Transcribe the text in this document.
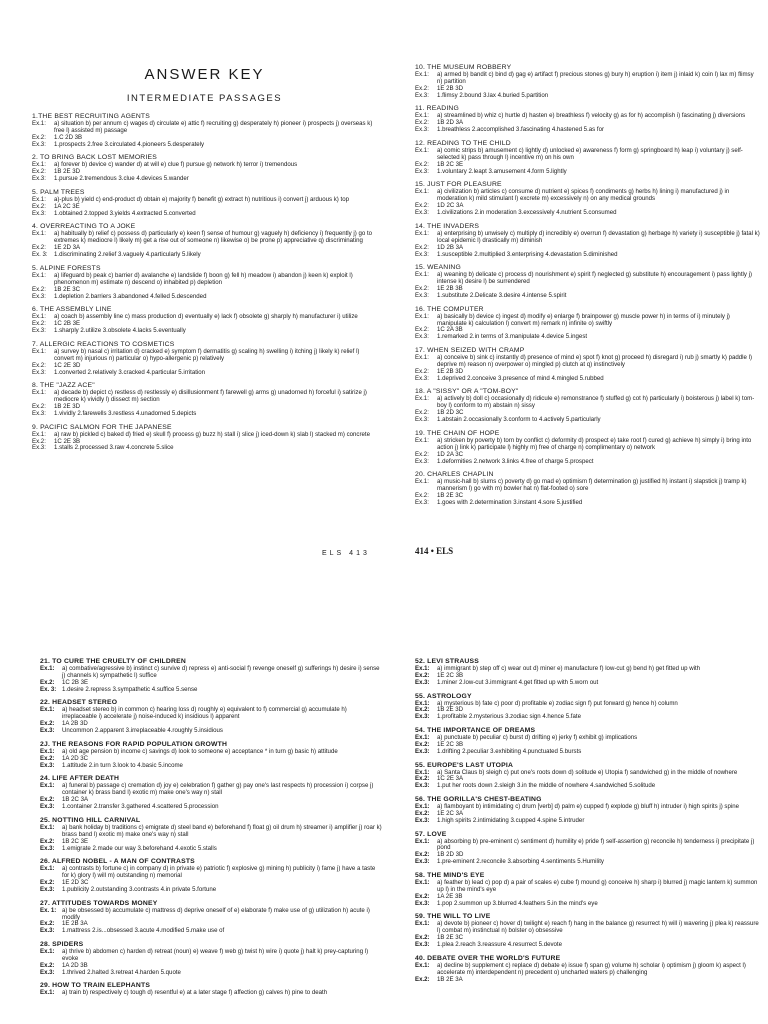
ANSWER KEY
INTERMEDIATE PASSAGES
1.THE BEST RECRUITING AGENTS
Ex.1:	a) situation b) per annum c) wages d) circulate e) attic f) recruiting g) desperately h) pioneer i) prospects j) overseas k) free l) assisted m) passage
Ex.2:	1.C 2D 3B
Ex.3:	1.prospects 2.free 3.circulated 4.pioneers 5.desperately
2. TO BRING BACK LOST MEMORIES
Ex.1:	a) forever b) device c) wander d) at will e) clue f) pursue g) network h) terror i) tremendous
Ex.2:	1B 2E 3D
Ex.3:	1.pursue 2.tremendous 3.clue 4.devices 5.wander
5. PALM TREES
Ex.1:	a)-plus b) yield c) end-product d) obtain e) majority f) benefit g) extract h) nutritious i) convert j) arduous k) top
Ex.2:	1A 2C 3E
Ex.3:	1.obtained 2.topped 3.yields 4.extracted 5.converted
4. OVERREACTING TO A JOKE
Ex.1:	a) habitually b) relief c) possess d) particularly e) keen f) sense of humour g) vaguely h) deficiency i) frequently j) go to extremes k) mediocre l) likely m) get a rise out of someone n) likewise o) be prone p) appreciative q) discriminating
Ex.2:	1E 2D 3A
Ex. 3:	1.discriminating 2.relief 3.vaguely 4.particularly 5.likely
5. ALPINE FORESTS
Ex.1:	a) lifeguard b) peak c) barrier d) avalanche e) landslide f) boon g) fell h) meadow i) abandon j) keen k) exploit l) phenomenon m) estimate n) descend o) inhabited p) depletion
Ex.2:	1B 2E 3C
Ex.3:	1.depletion 2.barriers 3.abandoned 4.felled 5.descended
6. THE ASSEMBLY LINE
Ex.1:	a) coach b) assembly line c) mass production d) eventually e) lack f) obsolete g) sharply h) manufacturer i) utilize
Ex.2:	1C 2B 3E
Ex.3:	1.sharply 2.utilize 3.obsolete 4.lacks 5.eventually
7. ALLERGIC REACTIONS TO COSMETICS
Ex.1:	a) survey b) nasal c) irritation d) cracked e) symptom f) dermatitis g) scaling h) swelling i) itching j) likely k) relief l) convert m) injurious n) particular o) hypo-allergenic p) relatively
Ex.2:	1C 2E 3D
Ex.3:	1.converted 2.relatively 3.cracked 4.particular 5.irritation
8. THE "JAZZ ACE"
Ex.1:	a) decade b) depict c) restless d) restlessly e) disillusionment f) farewell g) arms g) unadorned h) forceful i) satirize j) mediocre k) vividly l) dissect m) section
Ex.2:	1B 2E 3D
Ex.3:	1.vividly 2.farewells 3.restless 4.unadorned 5.depicts
9. PACIFIC SALMON FOR THE JAPANESE
Ex.1:	a) raw b) pickled c) baked d) fried e) skull f) process g) buzz h) stall i) slice j) iced-down k) slab l) stacked m) concrete
Ex.2:	1C 2E 3B
Ex.3:	1.stalls 2.processed 3.raw 4.concrete 5.slice
10. THE MUSEUM ROBBERY
Ex.1:	a) armed b) bandit c) bind d) gag e) artifact f) precious stones g) bury h) eruption i) item j) inlaid k) coin l) lax m) flimsy n) partition
Ex.2:	1E 2B 3D
Ex.3:	1.flimsy 2.bound 3.lax 4.buried 5.partition
11. READING
Ex.1:	a) streamlined b) whiz c) hurtle d) hasten e) breathless f) velocity g) as for h) accomplish i) fascinating j) diversions
Ex.2:	1B 2D 3A
Ex.3:	1.breathless 2.accomplished 3.fascinating 4.hastened 5.as for
12. READING TO THE CHILD
Ex.1:	a) comic strips b) amusement c) lightly d) unlocked e) awareness f) form g) springboard h) leap i) voluntary j) self-selected k) pass through l) incentive m) on his own
Ex.2:	1B 2C 3E
Ex.3:	1.voluntary 2.leapt 3.amusement 4.form 5.lightly
15. JUST FOR PLEASURE
Ex.1:	a) civilization b) articles c) consume d) nutrient e) spices f) condiments g) herbs h) lining i) manufactured j) in moderation k) mild stimulant l) excrete m) excessively n) on any medical grounds
Ex.2:	1D 2C 3A
Ex.3:	1.civilizations 2.in moderation 3.excessively 4.nutrient 5.consumed
14. THE INVADERS
Ex.1:	a) enterprising b) unwisely c) multiply d) incredibly e) overrun f) devastation g) herbage h) variety i) susceptible j) fatal k) local epidemic l) drastically m) diminish
Ex.2:	1D 2B 3A
Ex.3:	1.susceptible 2.multiplied 3.enterprising 4.devastation 5.diminished
15. WEANING
Ex.1:	a) weaning b) delicate c) process d) nourishment e) spirit f) neglected g) substitute h) encouragement i) pass lightly j) intense k) desire l) be surrendered
Ex.2:	1E 2B 3B
Ex.3:	1.substitute 2.Delicate 3.desire 4.intense 5.spirit
16. THE COMPUTER
Ex.1:	a) basically b) device c) ingest d) modify e) enlarge f) brainpower g) muscle power h) in terms of i) minutely j) manipulate k) calculation l) convert m) remark n) infinite o) swiftly
Ex.2:	1C 2A 3B
Ex.3:	1.remarked 2.in terms of 3.manipulate 4.device 5.ingest
17. WHEN SEIZED WITH CRAMP
Ex.1:	a) conceive b) sink c) instantly d) presence of mind e) spot f) knot g) proceed h) disregard i) rub j) smartly k) paddle l) deprive m) reason n) overpower o) mingled p) clutch at q) instinctively
Ex.2:	1E 2B 3D
Ex.3:	1.deprived 2.conceive 3.presence of mind 4.mingled 5.rubbed
18. A "SISSY" OR A "TOM-BOY"
Ex.1:	a) actively b) doll c) occasionally d) ridicule e) remonstrance f) stuffed g) cot h) particularly i) boisterous j) label k) tom-boy l) conform to m) abstain n) sissy
Ex.2:	1B 2D 3C
Ex.3:	1.abstain 2.occasionally 3.conform to 4.actively 5.particularly
19. THE CHAIN OF HOPE
Ex.1:	a) stricken by poverty b) torn by conflict c) deformity d) prospect e) take root f) cured g) achieve h) simply i) bring into action j) link k) participate l) highly m) free of charge n) complimentary o) network
Ex.2:	1D 2A 3C
Ex.3:	1.deformities 2.network 3.links 4.free of charge 5.prospect
20. CHARLES CHAPLIN
Ex.1:	a) music-hall b) slums c) poverty d) go mad e) optimism f) determination g) justified h) instant i) slapstick j) tramp k) mannerism l) go with m) bowler hat n) flat-footed o) sore
Ex.2:	1B 2E 3C
Ex.3:	1.goes with 2.determination 3.instant 4.sore 5.justified
ELS 413	414 • ELS
21. TO CURE THE CRUELTY OF CHILDREN
Ex.1:	a) combative/agressive b) instinct c) survive d) repress e) anti-social f) revenge oneself g) sufferings h) desire i) sense j) channels k) sympathetic l) suffice
Ex.2:	1C 2B 3E
Ex. 3: 1.desire 2.repress 3.sympathetic 4.suffice 5.sense
22. HEADSET STEREO
Ex.1:	a) headset stereo b) in common c) hearing loss d) roughly e) equivalent to f) commercial g) accumulate h) irreplaceable i) accelerate j) noise-induced k) insidious l) apparent
Ex.2:	1A 2B 3D
Ex.3:	Uncommon 2.apparent 3.irreplaceable 4.roughly 5.insidious
2J. THE REASONS FOR RAPID POPULATION GROWTH
Ex.1:	a) old age pension b) income c) savings d) look to someone e) acceptance * in turn g) basic h) attitude
Ex.2:	1A 2D 3C
Ex.3:	1.attitude 2.in turn 3.look to 4.basic 5.income
24. LIFE AFTER DEATH
Ex.1:	a) funeral b) passage c) cremation d) joy e) celebration f) gather g) pay one's last respects h) procession i) corpse j) container k) brass band l) exotic m) make one's way n) stall
Ex.2:	1B 2C 3A
Ex.3:	1.container 2.transfer 3.gathered 4.scattered 5.procession
25. NOTTING HILL CARNIVAL
Ex.1:	a) bank holiday b) traditions c) emigrate d) steel band e) beforehand f) float g) oil drum h) streamer i) amplifier j) roar k) brass band l) exotic m) make one's way n) stall
Ex.2:	1B 2C 3E
Ex.3:	1.emigrate 2.made our way 3.beforehand 4.exotic 5.stalls
26. ALFRED NOBEL - A MAN OF CONTRASTS
Ex.1:	a) contrasts b) fortune c) in company d) in private e) patriotic f) explosive g) mining h) publicity i) fame j) have a taste for k) glory l) will m) outstanding n) memorial
Ex.2:	1E 2D 3C
Ex.3:	1.publicity 2.outstanding 3.contrasts 4.in private 5.fortune
27. ATTITUDES TOWARDS MONEY
Ex. 1: a) be obsessed b) accumulate c) mattress d) deprive oneself of e) elaborate f) make use of g) utilization h) acute i) modify
Ex.2:	1E 2B 3A
Ex.3:	1.mattress 2.is...obsessed 3.acute 4.modified 5.make use of
28. SPIDERS
Ex.1:	a) thrive b) abdomen c) harden d) retreat (noun) e) weave f) web g) twist h) wire i) quote j) halt k) prey-capturing l) evoke
Ex.2:	1A 2D 3B
Ex.3:	1.thrived 2.halted 3.retreat 4.harden 5.quote
29. HOW TO TRAIN ELEPHANTS
Ex.1:	a) train b) respectively c) tough d) resentful e) at a later stage f) affection g) calves h) pine to death
52. LEVI STRAUSS
Ex.1:	a) immigrant b) step off c) wear out d) miner e) manufacture f) low-cut g) bend h) get fitted up with
Ex.2:	1E 2C 3B
Ex.3:	1.miner 2.low-cut 3.immigrant 4.get fitted up with 5.worn out
55. ASTROLOGY
Ex.1:	a) mysterious b) fate c) poor d) profitable e) zodiac sign f) put forward g) hence h) column
Ex.2:	1B 2E 3D
Ex.3:	1.profitable 2.mysterious 3.zodiac sign 4.hence 5.fate
54. THE IMPORTANCE OF DREAMS
Ex.1:	a) punctuate b) peculiar c) burst d) drifting e) jerky f) exhibit g) implications
Ex.2:	1E 2C 3B
Ex.3:	1.drifting 2.peculiar 3.exhibiting 4.punctuated 5.bursts
55. EUROPE'S LAST UTOPIA
Ex.1:	a) Santa Claus b) sleigh c) put one's roots down d) solitude e) Utopia f) sandwiched g) in the middle of nowhere
Ex.2:	1C 2E 3A
Ex.3:	1.put her roots down 2.sleigh 3.in the middle of nowhere 4.sandwiched 5.solitude
56. THE GORILLA'S CHEST-BEATING
Ex.1:	a) flamboyant b) intimidating c) drum [verb] d) palm e) cupped f) explode g) bluff h) intruder i) high spirits j) spine
Ex.2:	1E 2C 3A
Ex.3:	1.high spirits 2.intimidating 3.cupped 4.spine 5.intruder
57. LOVE
Ex.1:	a) absorbing b) pre-eminent c) sentiment d) humility e) pride f) self-assertion g) reconcile h) tenderness i) precipitate j) pond
Ex.2:	1B 2D 3D
Ex.3:	1.pre-eminent 2.reconcile 3.absorbing 4.sentiments 5.Humility
58. THE MIND'S EYE
Ex.1:	a) feather b) lead c) pop d) a pair of scales e) cube f) mound g) conceive h) sharp i) blurred j) magic lantern k) summon up l) in the mind's eye
Ex.2:	1A 2E 3B
Ex.3:	1.pop 2.summon up 3.blurred 4.feathers 5.in the mind's eye
59. THE WILL TO LIVE
Ex.1:	a) devote b) pioneer c) hover d) twilight e) reach f) hang in the balance g) resurrect h) will i) wavering j) plea k) reassure l) combat m) instinctual n) bolster o) obsessive
Ex.2:	1B 2E 3C
Ex.3:	1.plea 2.reach 3.reassure 4.resurrect 5.devote
40. DEBATE OVER THE WORLD'S FUTURE
Ex.1:	a) decline b) supplement c) replace d) debate e) issue f) span g) volume h) scholar i) optimism j) gloom k) aspect l) accelerate m) interdependent n) precedent o) uncharted waters p) challenging
Ex.2:	1B 2E 3A
